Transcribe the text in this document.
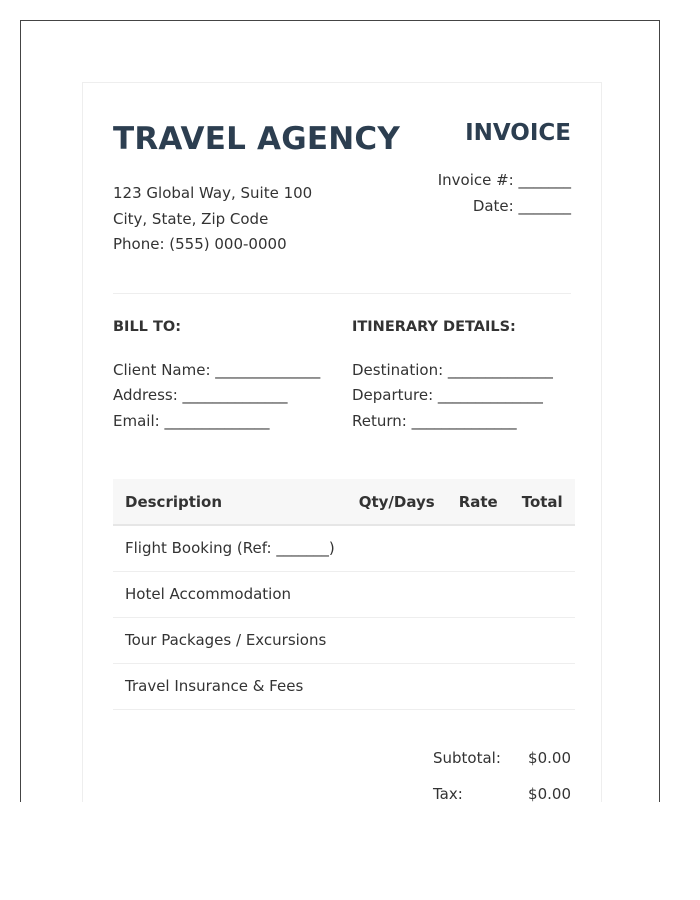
TRAVEL AGENCY
123 Global Way, Suite 100
City, State, Zip Code
Phone: (555) 000-0000
INVOICE
Invoice #: _______
Date: _______
BILL TO:
Client Name: ______________
Address: ______________
Email: ______________
ITINERARY DETAILS:
Destination: ______________
Departure: ______________
Return: ______________
Description	Qty/Days	Rate	Total
Flight Booking (Ref: _______)			
Hotel Accommodation			
Tour Packages / Excursions			
Travel Insurance & Fees			
Subtotal: $0.00
Tax:	$0.00
